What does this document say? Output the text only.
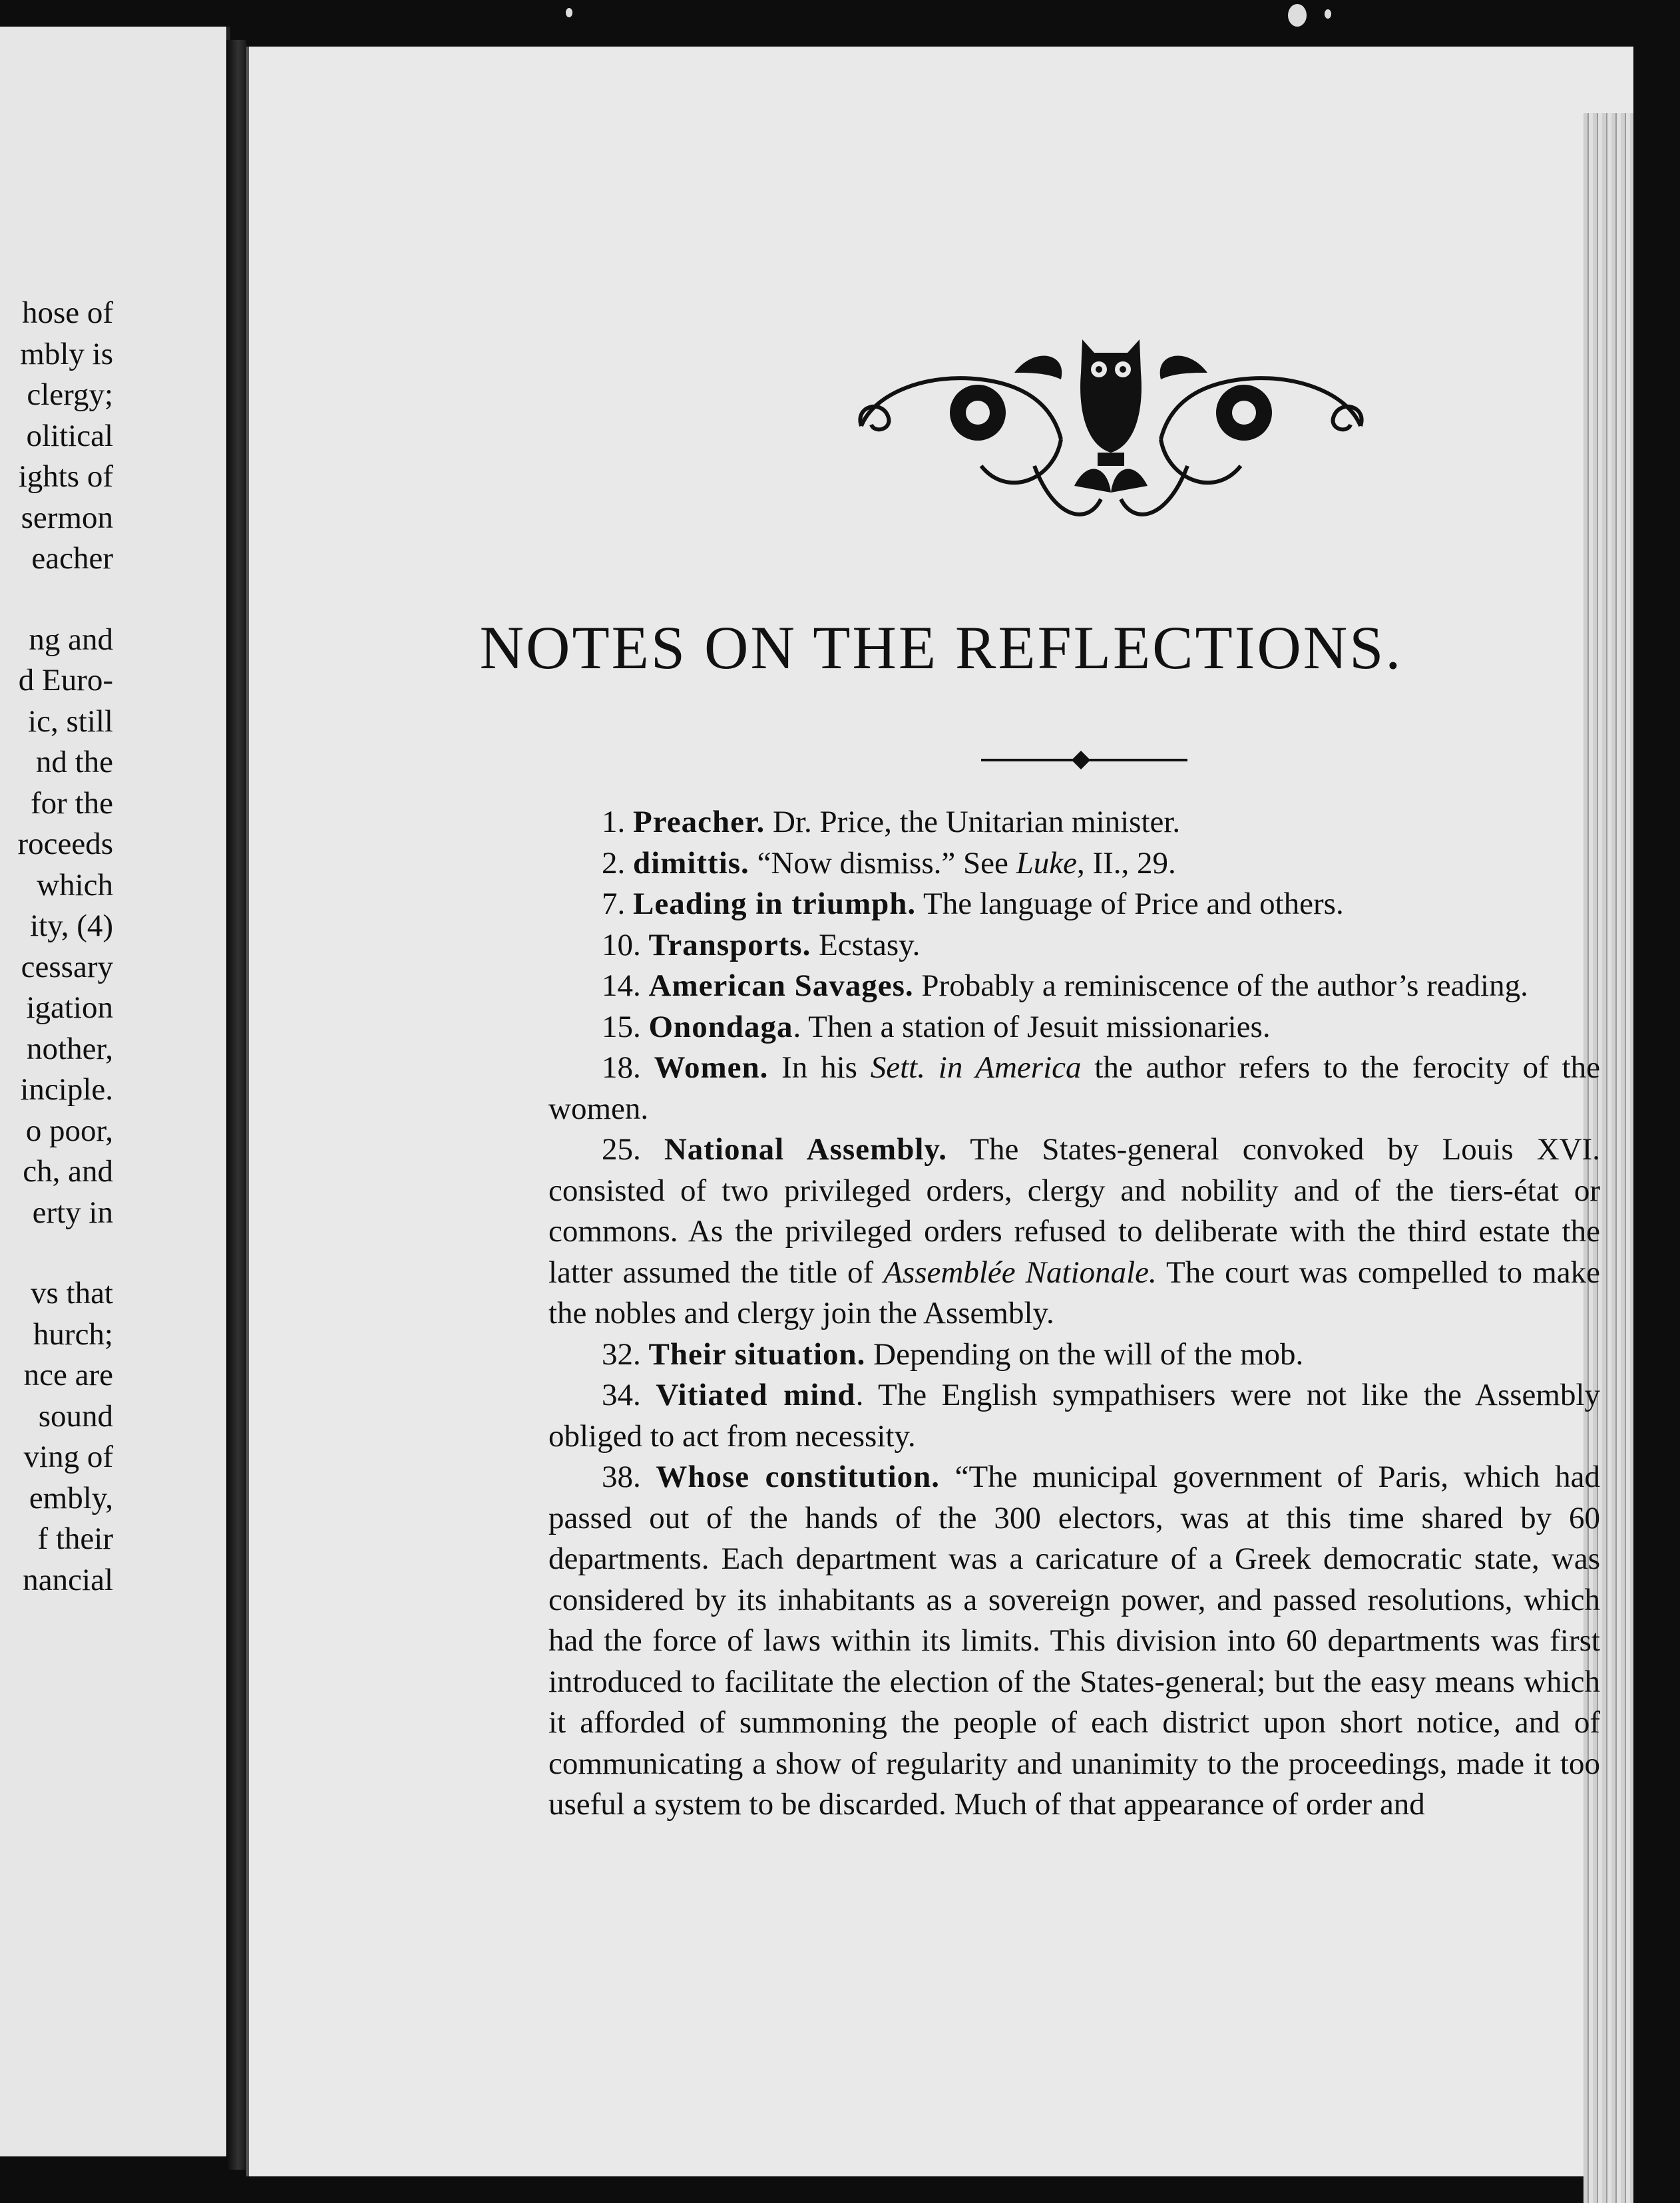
hose of
mbly is
clergy;
olitical
ights of
sermon
eacher
ng and
d Euro-
ic, still
nd the
for the
roceeds
which
ity, (4)
cessary
igation
nother,
inciple.
o poor,
ch, and
erty in
vs that
hurch;
nce are
sound
ving of
embly,
f their
nancial
NOTES ON THE REFLECTIONS.

1. Preacher. Dr. Price, the Unitarian minister.

2. dimittis. “Now dismiss.” See Luke, II., 29.

7. Leading in triumph. The language of Price and others.

10. Transports. Ecstasy.

14. American Savages. Probably a reminiscence of the author’s reading.

15. Onondaga. Then a station of Jesuit missionaries.

18. Women. In his Sett. in America the author refers to the ferocity of the women.

25. National Assembly. The States-general convoked by Louis XVI. consisted of two privileged orders, clergy and nobility and of the tiers-état or commons. As the privileged orders refused to deliberate with the third estate the latter assumed the title of Assemblée Nationale. The court was compelled to make the nobles and clergy join the Assembly.

32. Their situation. Depending on the will of the mob.

34. Vitiated mind. The English sympathisers were not like the Assembly obliged to act from necessity.

38. Whose constitution. “The municipal government of Paris, which had passed out of the hands of the 300 electors, was at this time shared by 60 departments. Each department was a caricature of a Greek democratic state, was considered by its inhabitants as a sovereign power, and passed resolutions, which had the force of laws within its limits. This division into 60 departments was first introduced to facilitate the election of the States-general; but the easy means which it afforded of summoning the people of each district upon short notice, and of communicating a show of regularity and unanimity to the proceedings, made it too useful a system to be discarded. Much of that appearance of order and
